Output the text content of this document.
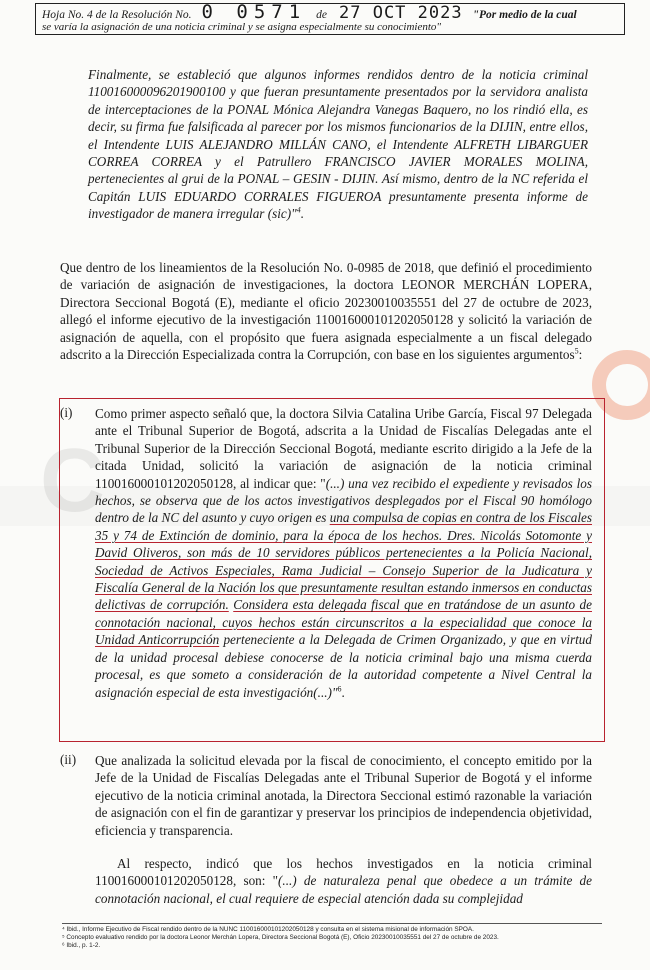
C
Hoja No. 4 de la Resolución No. 0 0571 de 27 OCT 2023 "Por medio de la cual
se varía la asignación de una noticia criminal y se asigna especialmente su conocimiento"
Finalmente, se estableció que algunos informes rendidos dentro de la noticia criminal 110016000096201900100 y que fueran presuntamente presentados por la servidora analista de interceptaciones de la PONAL Mónica Alejandra Vanegas Baquero, no los rindió ella, es decir, su firma fue falsificada al parecer por los mismos funcionarios de la DIJIN, entre ellos, el Intendente LUIS ALEJANDRO MILLÁN CANO, el Intendente ALFRETH LIBARGUER CORREA CORREA y el Patrullero FRANCISCO JAVIER MORALES MOLINA, pertenecientes al grui de la PONAL – GESIN - DIJIN. Así mismo, dentro de la NC referida el Capitán LUIS EDUARDO CORRALES FIGUEROA presuntamente presenta informe de investigador de manera irregular (sic)"$^4$.
Que dentro de los lineamientos de la Resolución No. 0-0985 de 2018, que definió el procedimiento de variación de asignación de investigaciones, la doctora LEONOR MERCHÁN LOPERA, Directora Seccional Bogotá (E), mediante el oficio 20230010035551 del 27 de octubre de 2023, allegó el informe ejecutivo de la investigación 110016000101202050128 y solicitó la variación de asignación de aquella, con el propósito que fuera asignada especialmente a un fiscal delegado adscrito a la Dirección Especializada contra la Corrupción, con base en los siguientes argumentos$^5$:
(i) Como primer aspecto señaló que, la doctora Silvia Catalina Uribe García, Fiscal 97 Delegada ante el Tribunal Superior de Bogotá, adscrita a la Unidad de Fiscalías Delegadas ante el Tribunal Superior de la Dirección Seccional Bogotá, mediante escrito dirigido a la Jefe de la citada Unidad, solicitó la variación de asignación de la noticia criminal 110016000101202050128, al indicar que: "(...) una vez recibido el expediente y revisados los hechos, se observa que de los actos investigativos desplegados por el Fiscal 90 homólogo dentro de la NC del asunto y cuyo origen es una compulsa de copias en contra de los Fiscales 35 y 74 de Extinción de dominio, para la época de los hechos. Dres. Nicolás Sotomonte y David Oliveros, son más de 10 servidores públicos pertenecientes a la Policía Nacional, Sociedad de Activos Especiales, Rama Judicial – Consejo Superior de la Judicatura y Fiscalía General de la Nación los que presuntamente resultan estando inmersos en conductas delictivas de corrupción. Considera esta delegada fiscal que en tratándose de un asunto de connotación nacional, cuyos hechos están circunscritos a la especialidad que conoce la Unidad Anticorrupción perteneciente a la Delegada de Crimen Organizado, y que en virtud de la unidad procesal debiese conocerse de la noticia criminal bajo una misma cuerda procesal, es que someto a consideración de la autoridad competente a Nivel Central la asignación especial de esta investigación(...)"$^6$.
(ii) Que analizada la solicitud elevada por la fiscal de conocimiento, el concepto emitido por la Jefe de la Unidad de Fiscalías Delegadas ante el Tribunal Superior de Bogotá y el informe ejecutivo de la noticia criminal anotada, la Directora Seccional estimó razonable la variación de asignación con el fin de garantizar y preservar los principios de independencia objetividad, eficiencia y transparencia.
Al respecto, indicó que los hechos investigados en la noticia criminal 110016000101202050128, son: "(...) de naturaleza penal que obedece a un trámite de connotación nacional, el cual requiere de especial atención dada su complejidad
⁴ Ibid., Informe Ejecutivo de Fiscal rendido dentro de la NUNC 110016000101202050128 y consulta en el sistema misional de información SPOA.
⁵ Concepto evaluativo rendido por la doctora Leonor Merchán Lopera, Directora Seccional Bogotá (E), Oficio 20230010035551 del 27 de octubre de 2023.
⁶ Ibid., p. 1-2.
